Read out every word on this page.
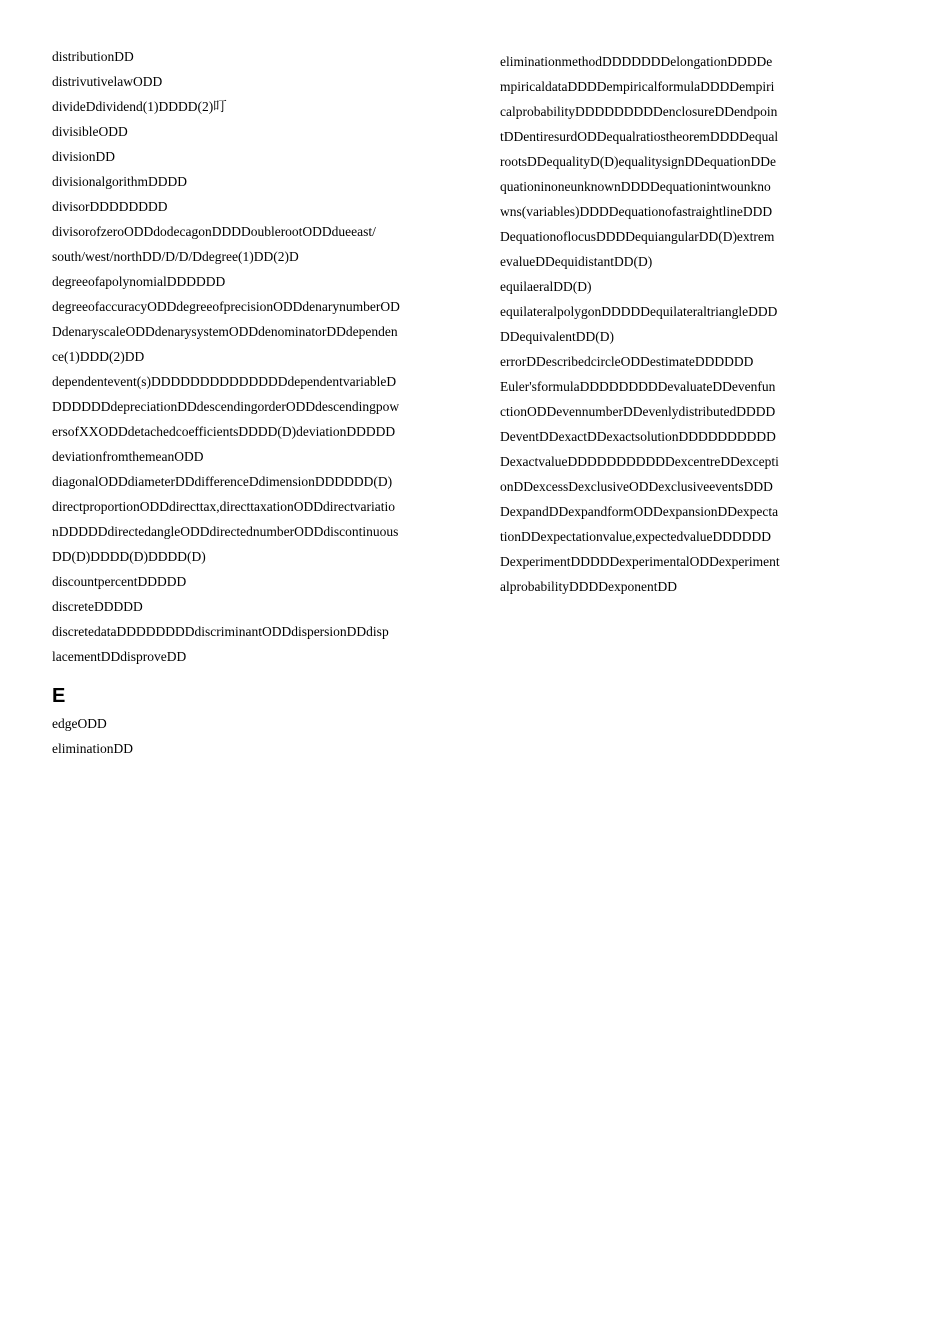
distributionDD
distrivutivelawODD
divideDdividend(1)DDDD(2)叮
divisibleODD
divisionDD
divisionalgorithmDDDD
divisorDDDDDDDD
divisorofzeroODDdodecagonDDDDoublerootODDdueeast/
south/west/northDD/D/D/Ddegree(1)DD(2)D
degreeofapolynomialDDDDDD
degreeofaccuracyODDdegreeofprecisionODDdenarynumberOD
DdenaryscaleODDdenarysystemODDdenominatorDDdependen
ce(1)DDD(2)DD
dependentevent(s)DDDDDDDDDDDDDDdependentvariableD
DDDDDDdepreciationDDdescendingorderODDdescendingpow
ersofXXODDdetachedcoefficientsDDDD(D)deviationDDDDD
deviationfromthemeanODD
diagonalODDdiameterDDdifferenceDdimensionDDDDDD(D)
directproportionODDdirecttax,directtaxationODDdirectvariatio
nDDDDDdirectedangleODDdirectednumberODDdiscontinuous
DD(D)DDDD(D)DDDD(D)
discountpercentDDDDD
discreteDDDDD
discretedataDDDDDDDDdiscriminantODDdispersionDDdisp
lacementDDdisproveDD
E
edgeODD
eliminationDD
eliminationmethodDDDDDDDelongationDDDDe
mpiricaldataDDDDempiricalformulaDDDDempiri
calprobabilityDDDDDDDDDenclosureDDendpoin
tDDentiresurdODDequalratiostheoremDDDDequal
rootsDDequalityD(D)equalitysignDDequationDDe
quationinoneunknownDDDDequationintwounkno
wns(variables)DDDDequationofastraightlineDDD
DequationoflocusDDDDequiangularDD(D)extrem
evalueDDequidistantDD(D)
equilaeralDD(D)
equilateralpolygonDDDDDequilateraltriangleDDD
DDequivalentDD(D)
errorDDescribedcircleODDestimateDDDDDD
Euler'sformulaDDDDDDDDDevaluateDDevenfun
ctionODDevennumberDDevenlydistributedDDDD
DeventDDexactDDexactsolutionDDDDDDDDDD
DexactvalueDDDDDDDDDDDexcentreDDexcepti
onDDexcessDexclusiveODDexclusiveeventsDDD
DexpandDDexpandformODDexpansionDDexpecta
tionDDexpectationvalue,expectedvalueDDDDDD
DexperimentDDDDDexperimentalODDexperiment
alprobabilityDDDDexponentDD
